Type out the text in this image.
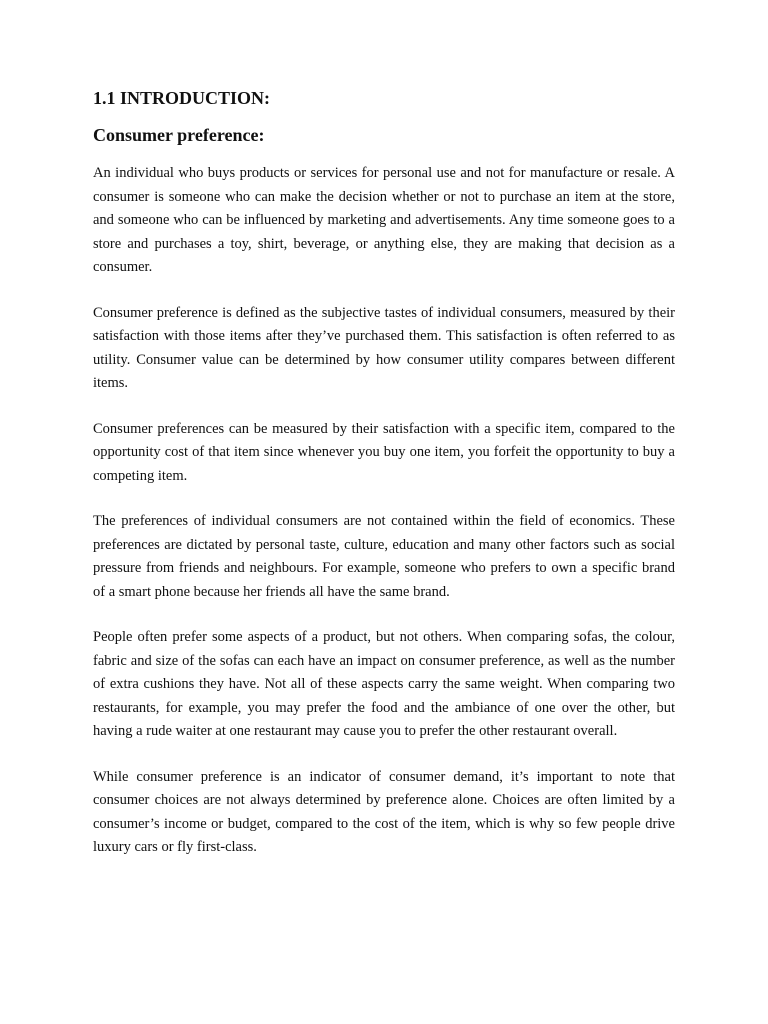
1.1 INTRODUCTION:
Consumer preference:

An individual who buys products or services for personal use and not for manufacture or resale. A consumer is someone who can make the decision whether or not to purchase an item at the store, and someone who can be influenced by marketing and advertisements. Any time someone goes to a store and purchases a toy, shirt, beverage, or anything else, they are making that decision as a consumer.

Consumer preference is defined as the subjective tastes of individual consumers, measured by their satisfaction with those items after they’ve purchased them. This satisfaction is often referred to as utility. Consumer value can be determined by how consumer utility compares between different items.

Consumer preferences can be measured by their satisfaction with a specific item, compared to the opportunity cost of that item since whenever you buy one item, you forfeit the opportunity to buy a competing item.

The preferences of individual consumers are not contained within the field of economics. These preferences are dictated by personal taste, culture, education and many other factors such as social pressure from friends and neighbours. For example, someone who prefers to own a specific brand of a smart phone because her friends all have the same brand.

People often prefer some aspects of a product, but not others. When comparing sofas, the colour, fabric and size of the sofas can each have an impact on consumer preference, as well as the number of extra cushions they have. Not all of these aspects carry the same weight. When comparing two restaurants, for example, you may prefer the food and the ambiance of one over the other, but having a rude waiter at one restaurant may cause you to prefer the other restaurant overall.

While consumer preference is an indicator of consumer demand, it’s important to note that consumer choices are not always determined by preference alone. Choices are often limited by a consumer’s income or budget, compared to the cost of the item, which is why so few people drive luxury cars or fly first-class.
